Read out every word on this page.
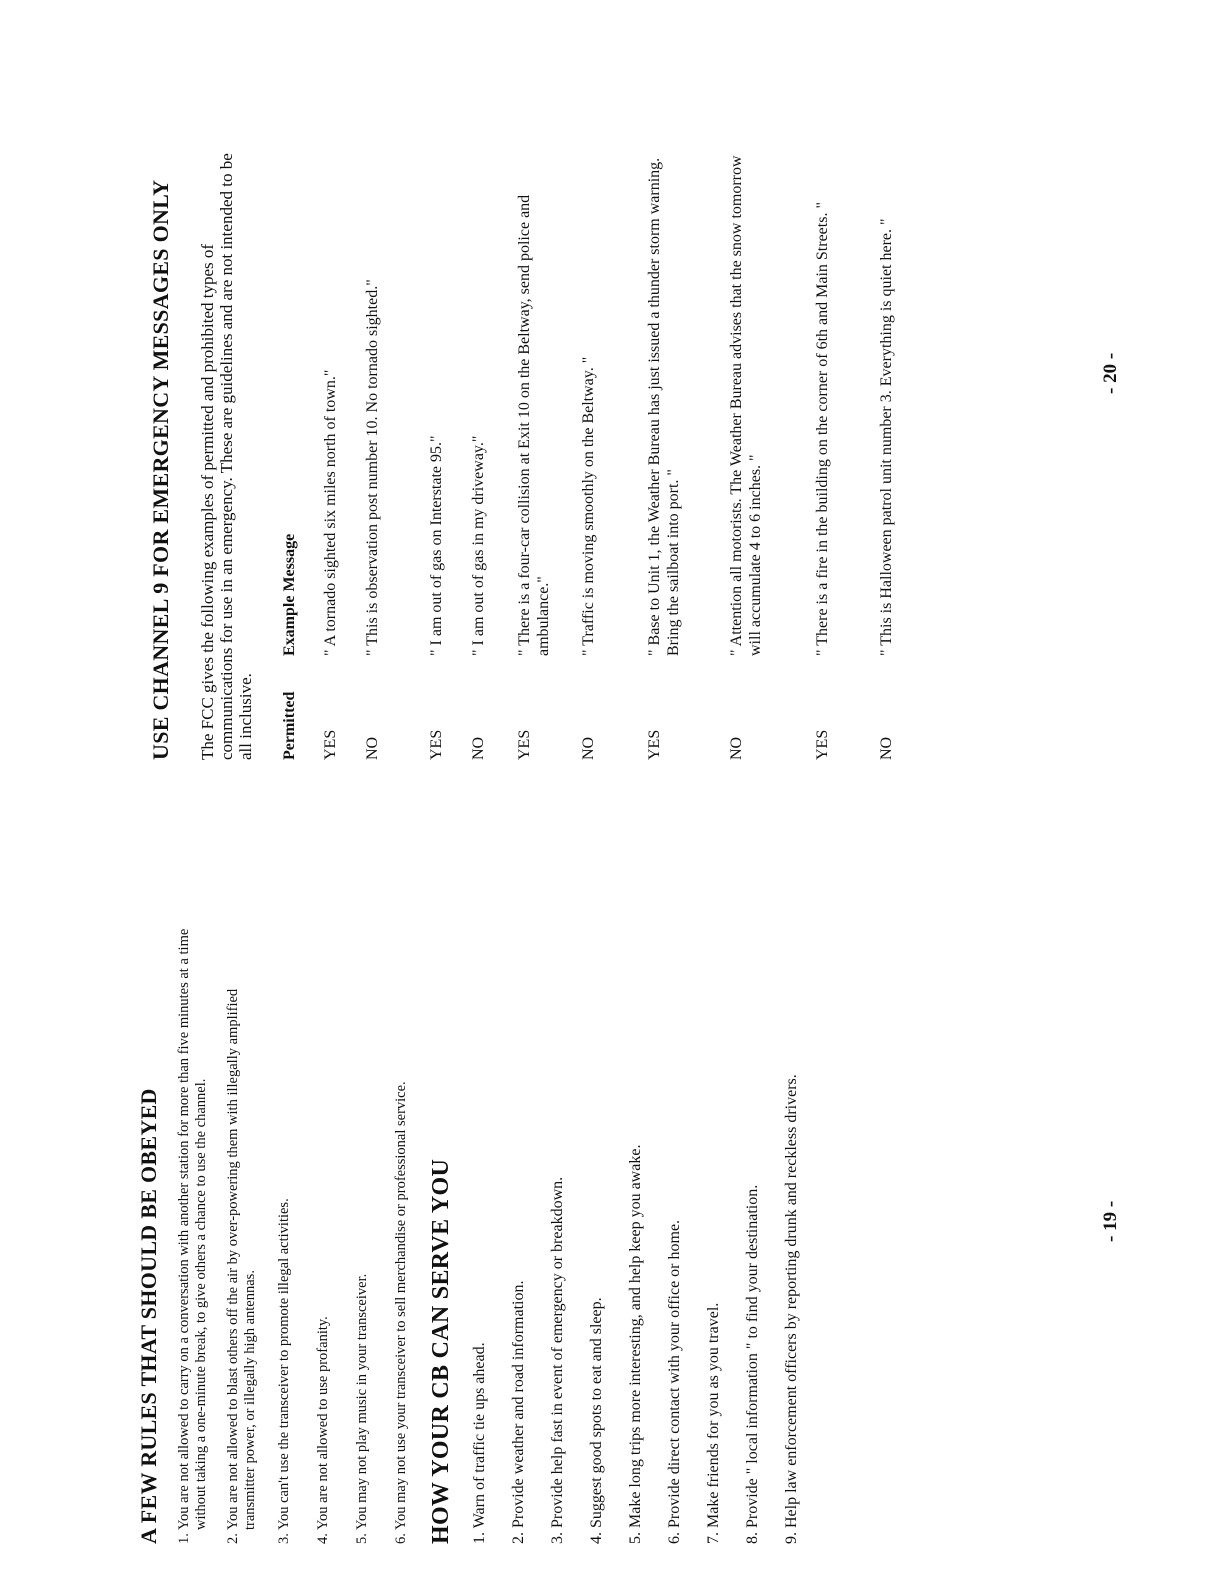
A FEW RULES THAT SHOULD BE OBEYED 1. You are not allowed to carry on a conversation with another station for more than five minutes at a time without taking a one-minute break, to give others a chance to use the channel.

2. You are not allowed to blast others off the air by over-powering them with illegally amplified transmitter power, or illegally high antennas.

3. You can't use the transceiver to promote illegal activities.

4. You are not allowed to use profanity.

5. You may not play music in your transceiver.

6. You may not use your transceiver to sell merchandise or professional service. HOW YOUR CB CAN SERVE YOU 1. Warn of traffic tie ups ahead. 2. Provide weather and road information. 3. Provide help fast in event of emergency or breakdown. 4. Suggest good spots to eat and sleep. 5. Make long trips more interesting, and help keep you awake. 6. Provide direct contact with your office or home. 7. Make friends for you as you travel. 8. Provide " local information " to find your destination. 9. Help law enforcement officers by reporting drunk and reckless drivers.	- 19 -
USE CHANNEL 9 FOR EMERGENCY MESSAGES ONLY The FCC gives the following examples of permitted and prohibited types of communications for use in an emergency. These are guidelines and are not intended to be all inclusive. Permitted
Example Message
YES
" A tornado sighted six miles north of town."
NO
" This is observation post number 10. No tornado sighted."
YES
" I am out of gas on Interstate 95."
NO
" I am out of gas in my driveway."
YES
" There is a four-car collision at Exit 10 on the Beltway, send police and ambulance."
NO
" Traffic is moving smoothly on the Beltway. "
YES
" Base to Unit 1, the Weather Bureau has just issued a thunder storm warning. Bring the sailboat into port. "
NO
" Attention all motorists. The Weather Bureau advises that the snow tomorrow will accumulate 4 to 6 inches. "
YES
" There is a fire in the building on the corner of 6th and Main Streets. "
NO
" This is Halloween patrol unit number 3. Everything is quiet here. "	- 20 -
